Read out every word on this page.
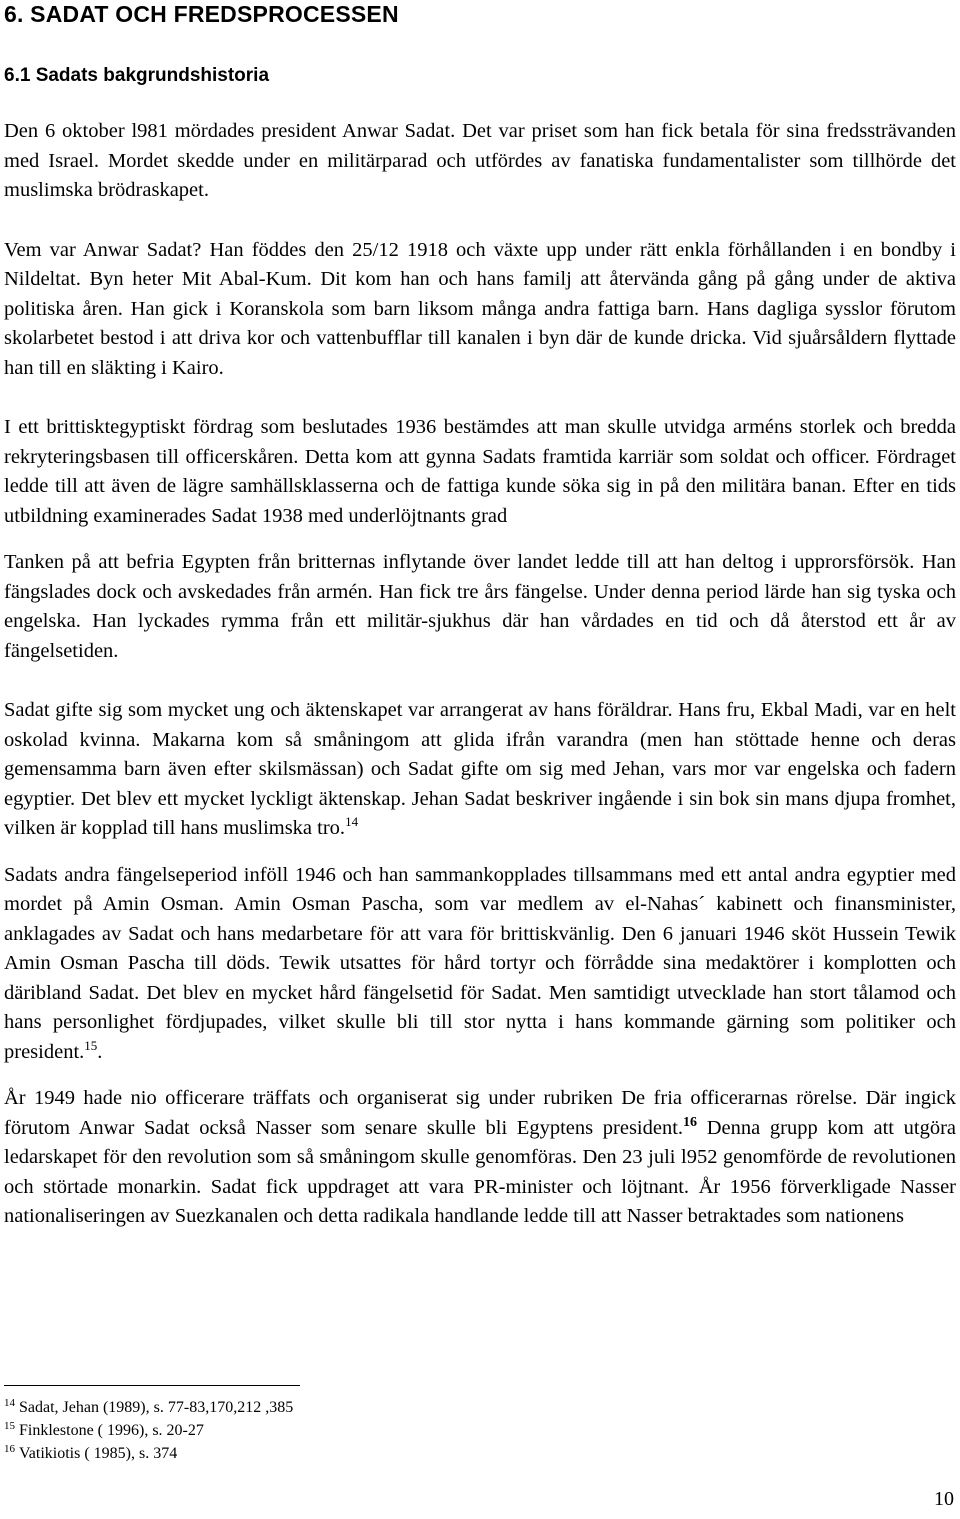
6. SADAT OCH FREDSPROCESSEN
6.1 Sadats bakgrundshistoria

Den 6 oktober l981 mördades president Anwar Sadat. Det var priset som han fick betala för sina fredssträvanden med Israel. Mordet skedde under en militärparad och utfördes av fanatiska fundamentalister som tillhörde det muslimska brödraskapet.

Vem var Anwar Sadat? Han föddes den 25/12 1918 och växte upp under rätt enkla förhållanden i en bondby i Nildeltat. Byn heter Mit Abal-Kum. Dit kom han och hans familj att återvända gång på gång under de aktiva politiska åren. Han gick i Koranskola som barn liksom många andra fattiga barn. Hans dagliga sysslor förutom skolarbetet bestod i att driva kor och vattenbufflar till kanalen i byn där de kunde dricka. Vid sjuårsåldern flyttade han till en släkting i Kairo.

I ett brittisktegyptiskt fördrag som beslutades 1936 bestämdes att man skulle utvidga arméns storlek och bredda rekryteringsbasen till officerskåren. Detta kom att gynna Sadats framtida karriär som soldat och officer. Fördraget ledde till att även de lägre samhällsklasserna och de fattiga kunde söka sig in på den militära banan. Efter en tids utbildning examinerades Sadat 1938 med underlöjtnants grad

Tanken på att befria Egypten från britternas inflytande över landet ledde till att han deltog i upprorsförsök. Han fängslades dock och avskedades från armén. Han fick tre års fängelse. Under denna period lärde han sig tyska och engelska. Han lyckades rymma från ett militär-sjukhus där han vårdades en tid och då återstod ett år av fängelsetiden.

Sadat gifte sig som mycket ung och äktenskapet var arrangerat av hans föräldrar. Hans fru, Ekbal Madi, var en helt oskolad kvinna. Makarna kom så småningom att glida ifrån varandra (men han stöttade henne och deras gemensamma barn även efter skilsmässan) och Sadat gifte om sig med Jehan, vars mor var engelska och fadern egyptier. Det blev ett mycket lyckligt äktenskap. Jehan Sadat beskriver ingående i sin bok sin mans djupa fromhet, vilken är kopplad till hans muslimska tro.$^{14}$

Sadats andra fängelseperiod inföll 1946 och han sammankopplades tillsammans med ett antal andra egyptier med mordet på Amin Osman. Amin Osman Pascha, som var medlem av el-Nahas´ kabinett och finansminister, anklagades av Sadat och hans medarbetare för att vara för brittiskvänlig. Den 6 januari 1946 sköt Hussein Tewik Amin Osman Pascha till döds. Tewik utsattes för hård tortyr och förrådde sina medaktörer i komplotten och däribland Sadat. Det blev en mycket hård fängelsetid för Sadat. Men samtidigt utvecklade han stort tålamod och hans personlighet fördjupades, vilket skulle bli till stor nytta i hans kommande gärning som politiker och president.$^{15}$.

År 1949 hade nio officerare träffats och organiserat sig under rubriken De fria officerarnas rörelse. Där ingick förutom Anwar Sadat också Nasser som senare skulle bli Egyptens president.$^{16}$ Denna grupp kom att utgöra ledarskapet för den revolution som så småningom skulle genomföras. Den 23 juli l952 genomförde de revolutionen och störtade monarkin. Sadat fick uppdraget att vara PR-minister och löjtnant. År 1956 förverkligade Nasser nationaliseringen av Suezkanalen och detta radikala handlande ledde till att Nasser betraktades som nationens

$^{14}$ Sadat, Jehan (1989), s. 77-83,170,212 ,385
$^{15}$ Finklestone ( 1996), s. 20-27
$^{16}$ Vatikiotis ( 1985), s. 374
10
